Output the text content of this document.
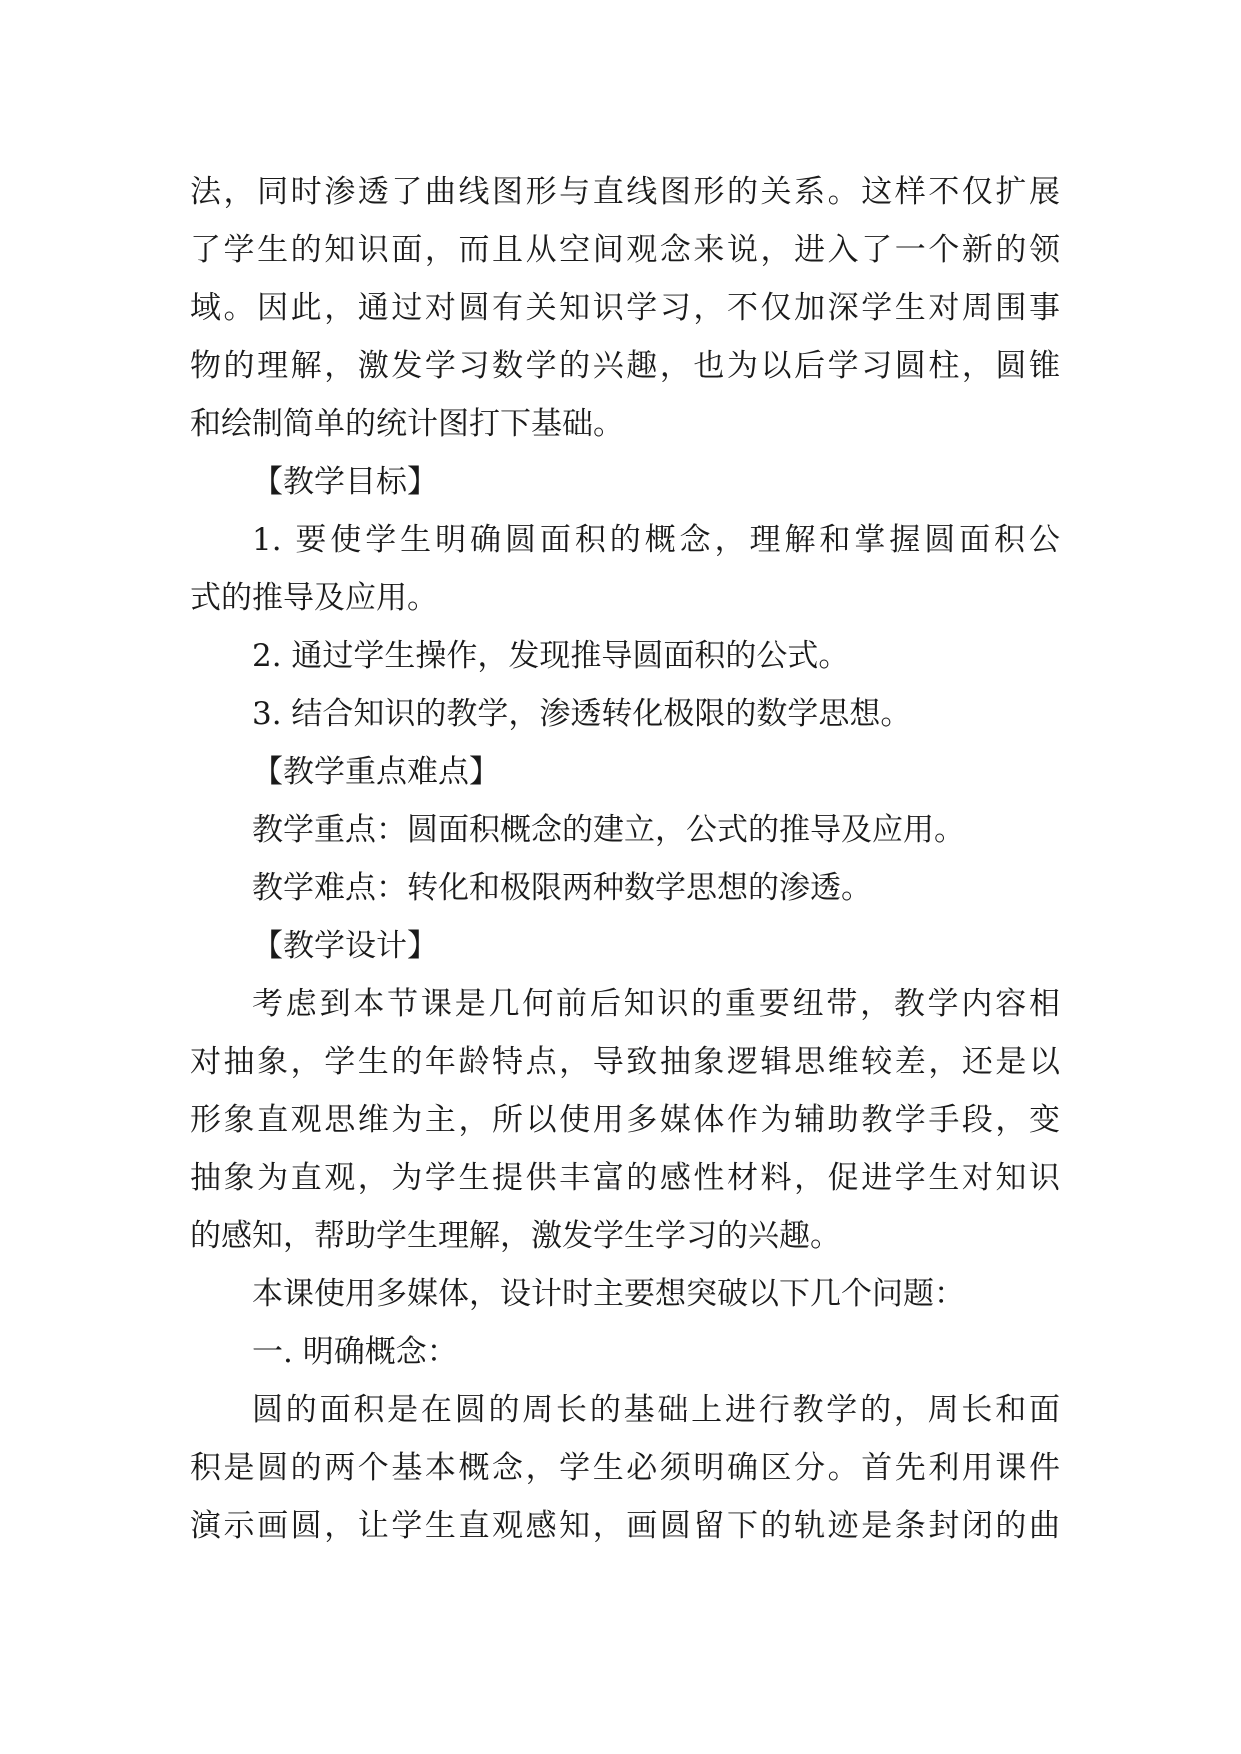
法，同时渗透了曲线图形与直线图形的关系。这样不仅扩展
了学生的知识面，而且从空间观念来说，进入了一个新的领
域。因此，通过对圆有关知识学习，不仅加深学生对周围事
物的理解，激发学习数学的兴趣，也为以后学习圆柱，圆锥
和绘制简单的统计图打下基础。
【教学目标】
1. 要使学生明确圆面积的概念，理解和掌握圆面积公
式的推导及应用。
2. 通过学生操作，发现推导圆面积的公式。
3. 结合知识的教学，渗透转化极限的数学思想。
【教学重点难点】
教学重点：圆面积概念的建立，公式的推导及应用。
教学难点：转化和极限两种数学思想的渗透。
【教学设计】
考虑到本节课是几何前后知识的重要纽带，教学内容相
对抽象，学生的年龄特点，导致抽象逻辑思维较差，还是以
形象直观思维为主，所以使用多媒体作为辅助教学手段，变
抽象为直观，为学生提供丰富的感性材料，促进学生对知识
的感知，帮助学生理解，激发学生学习的兴趣。
本课使用多媒体，设计时主要想突破以下几个问题：
一. 明确概念：
圆的面积是在圆的周长的基础上进行教学的，周长和面
积是圆的两个基本概念，学生必须明确区分。首先利用课件
演示画圆，让学生直观感知，画圆留下的轨迹是条封闭的曲
